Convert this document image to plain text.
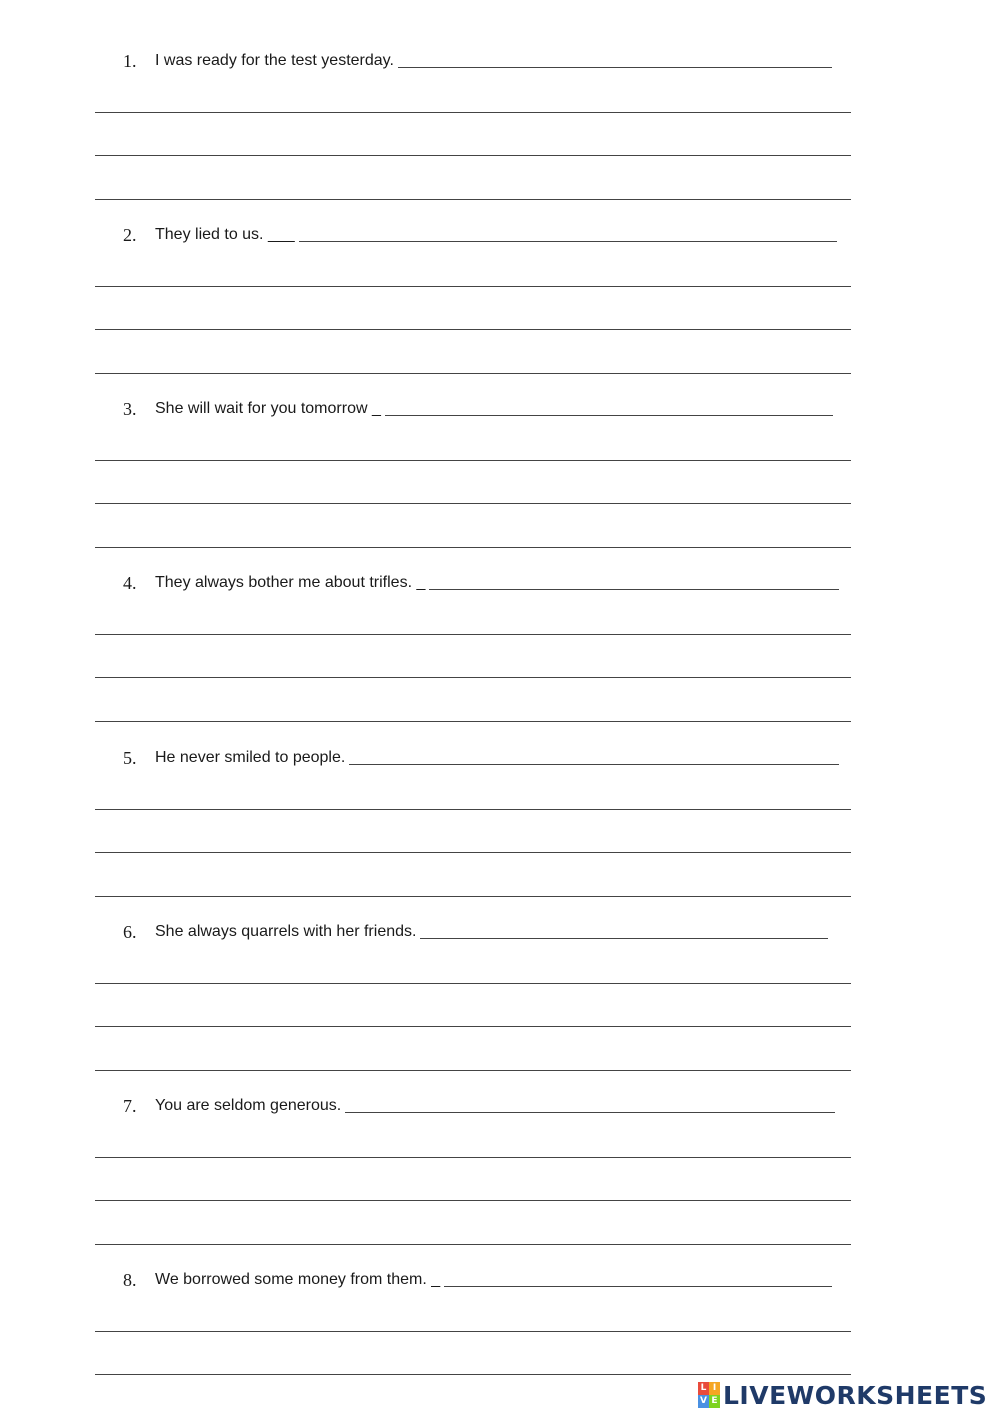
1.	I was ready for the test yesterday.
2.	They lied to us. ___
3.	She will wait for you tomorrow _
4.	They always bother me about trifles. _
5.	He never smiled to people.
6.	She always quarrels with her friends.
7.	You are seldom generous.
8.	We borrowed some money from them. _
L I
V E LIVEWORKSHEETS
